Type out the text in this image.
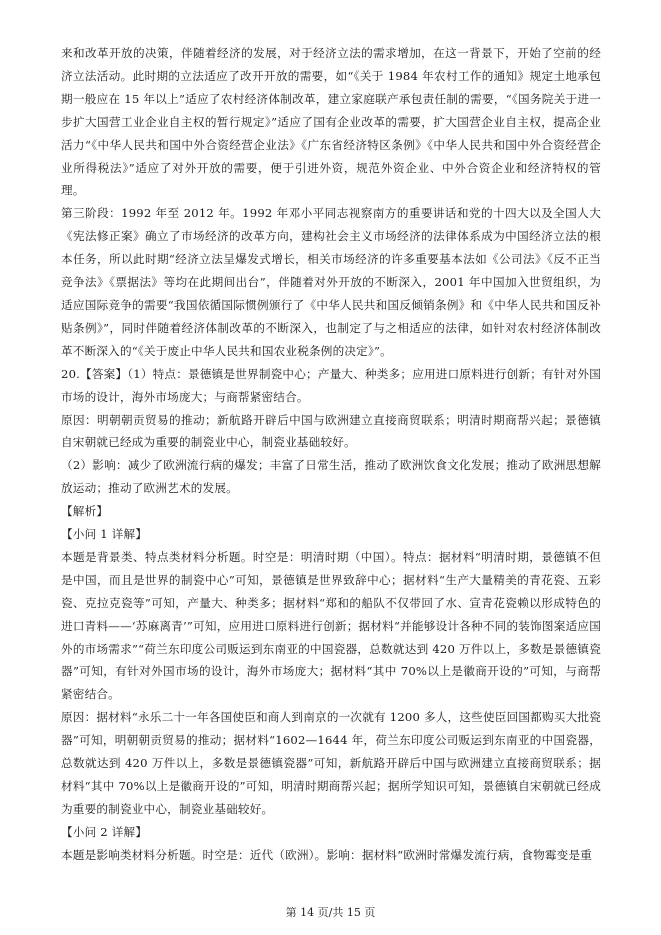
来和改革开放的决策，伴随着经济的发展，对于经济立法的需求增加，在这一背景下，开始了空前的经济立法活动。此时期的立法适应了改开开放的需要，如“《关于 1984 年农村工作的通知》规定土地承包期一般应在 15 年以上”适应了农村经济体制改革，建立家庭联产承包责任制的需要，“《国务院关于进一步扩大国营工业企业自主权的暂行规定》”适应了国有企业改革的需要，扩大国营企业自主权，提高企业活力“《中华人民共和国中外合资经营企业法》《广东省经济特区条例》《中华人民共和国中外合资经营企业所得税法》”适应了对外开放的需要，便于引进外资，规范外资企业、中外合资企业和经济特权的管理。

第三阶段：1992 年至 2012 年。1992 年邓小平同志视察南方的重要讲话和党的十四大以及全国人大《宪法修正案》确立了市场经济的改革方向，建构社会主义市场经济的法律体系成为中国经济立法的根本任务，所以此时期“经济立法呈爆发式增长，相关市场经济的许多重要基本法如《公司法》《反不正当竞争法》《票据法》等均在此期间出台”，伴随着对外开放的不断深入，2001 年中国加入世贸组织，为适应国际竞争的需要“我国依循国际惯例颁行了《中华人民共和国反倾销条例》和《中华人民共和国反补贴条例》”，同时伴随着经济体制改革的不断深入，也制定了与之相适应的法律，如针对农村经济体制改革不断深入的“《关于废止中华人民共和国农业税条例的决定》”。

20.【答案】（1）特点：景德镇是世界制瓷中心；产量大、种类多；应用进口原料进行创新；有针对外国市场的设计，海外市场庞大；与商帮紧密结合。

原因：明朝朝贡贸易的推动；新航路开辟后中国与欧洲建立直接商贸联系；明清时期商帮兴起；景德镇自宋朝就已经成为重要的制瓷业中心，制瓷业基础较好。

（2）影响：减少了欧洲流行病的爆发；丰富了日常生活，推动了欧洲饮食文化发展；推动了欧洲思想解放运动；推动了欧洲艺术的发展。

【解析】

【小问 1 详解】

本题是背景类、特点类材料分析题。时空是：明清时期（中国）。特点：据材料“明清时期，景德镇不但是中国，而且是世界的制瓷中心”可知，景德镇是世界致辞中心；据材料“生产大量精美的青花瓷、五彩瓷、克拉克瓷等”可知，产量大、种类多；据材料“郑和的船队不仅带回了水、宣青花瓷赖以形成特色的进口青料——‘苏麻离青’”可知，应用进口原料进行创新；据材料“并能够设计各种不同的装饰图案适应国外的市场需求”“荷兰东印度公司贩运到东南亚的中国瓷器，总数就达到 420 万件以上，多数是景德镇瓷器”可知，有针对外国市场的设计，海外市场庞大；据材料“其中 70%以上是徽商开设的”可知，与商帮紧密结合。

原因：据材料“永乐二十一年各国使臣和商人到南京的一次就有 1200 多人，这些使臣回国都购买大批瓷器”可知，明朝朝贡贸易的推动；据材料“1602—1644 年，荷兰东印度公司贩运到东南亚的中国瓷器，总数就达到 420 万件以上，多数是景德镇瓷器”可知，新航路开辟后中国与欧洲建立直接商贸联系；据材料“其中 70%以上是徽商开设的”可知，明清时期商帮兴起；据所学知识可知，景德镇自宋朝就已经成为重要的制瓷业中心，制瓷业基础较好。

【小问 2 详解】

本题是影响类材料分析题。时空是：近代（欧洲）。影响：据材料“欧洲时常爆发流行病，食物霉变是重

第 14 页/共 15 页
